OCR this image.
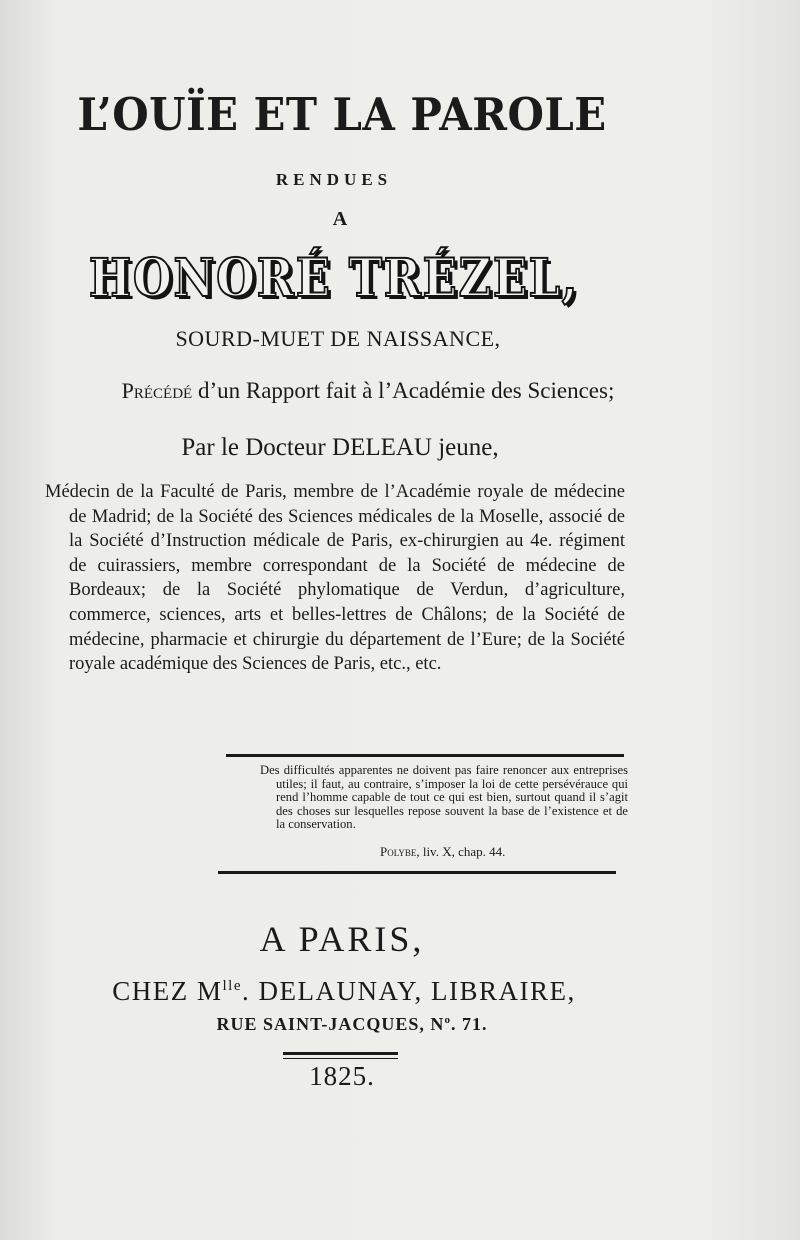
L’OUÏE ET LA PAROLE
RENDUES
A
HONORÉ TRÉZEL,
SOURD-MUET DE NAISSANCE,
Précédé d’un Rapport fait à l’Académie des Sciences;
Par le Docteur DELEAU jeune,
Médecin de la Faculté de Paris, membre de l’Académie royale de médecine de Madrid; de la Société des Sciences médicales de la Moselle, associé de la Société d’Instruction médicale de Paris, ex-chirurgien au 4e. régiment de cuirassiers, membre correspondant de la Société de médecine de Bordeaux; de la Société phylomatique de Verdun, d’agriculture, commerce, sciences, arts et belles-lettres de Châlons; de la Société de médecine, pharmacie et chirurgie du département de l’Eure; de la Société royale académique des Sciences de Paris, etc., etc.
Des difficultés apparentes ne doivent pas faire renoncer aux entreprises utiles; il faut, au contraire, s’imposer la loi de cette persévérauce qui rend l’homme capable de tout ce qui est bien, surtout quand il s’agit des choses sur lesquelles repose souvent la base de l’existence et de la conservation.
Polybe, liv. X, chap. 44.
A PARIS,
CHEZ $M^{lle}$. DELAUNAY, LIBRAIRE,
RUE SAINT-JACQUES, $N^o$. 71.
1825.
